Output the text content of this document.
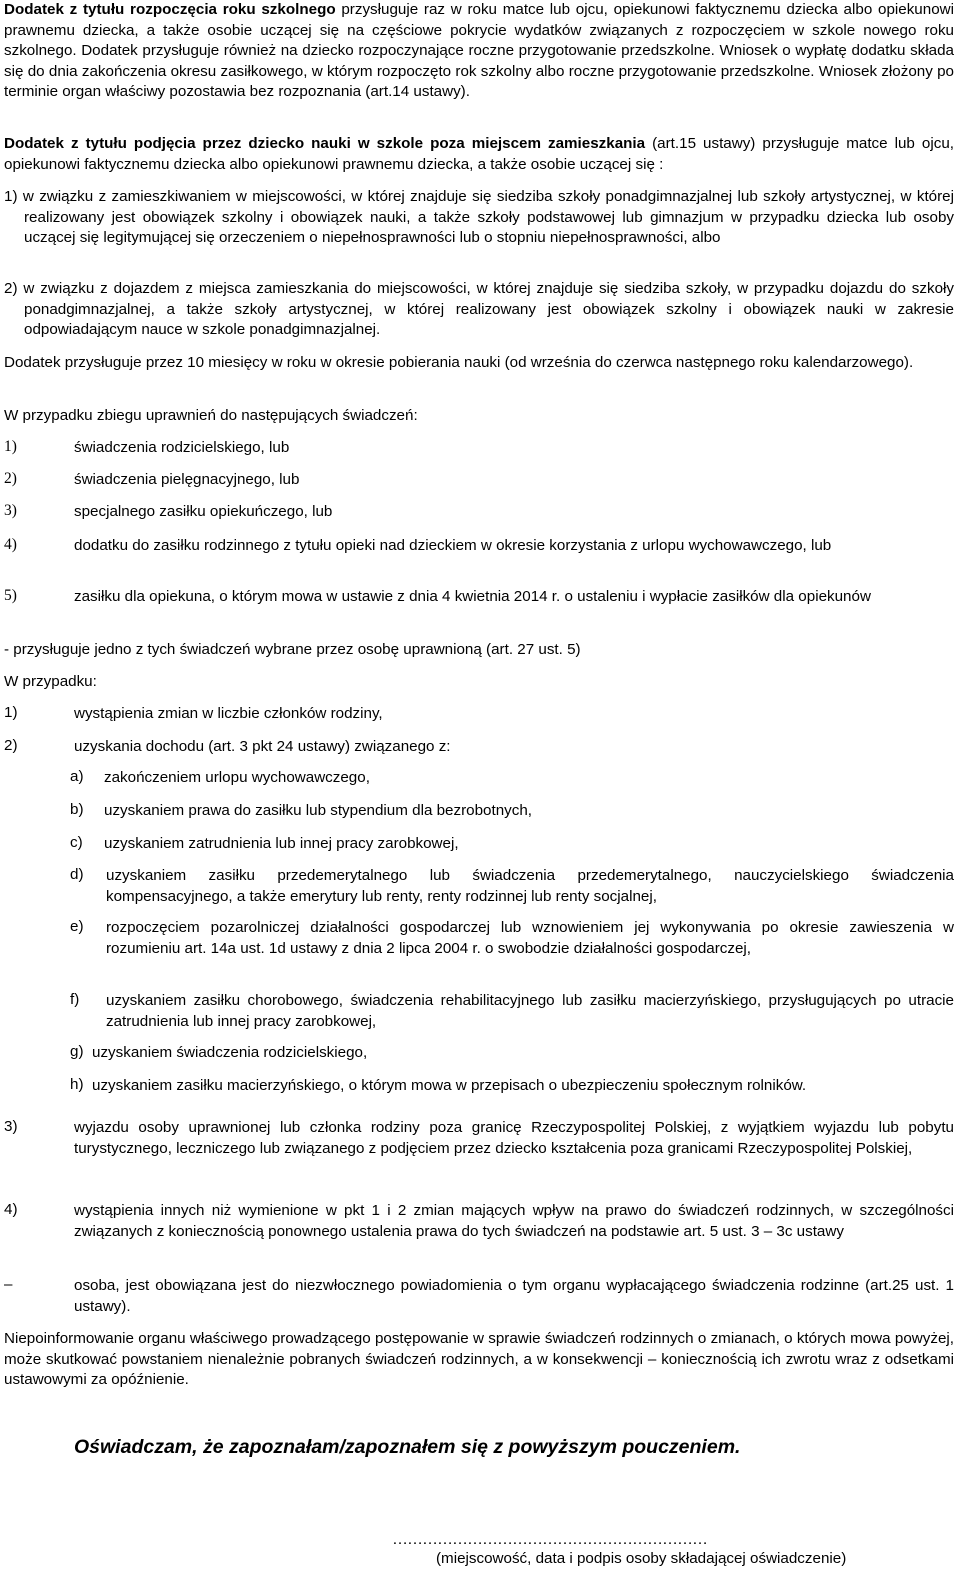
Dodatek z tytułu rozpoczęcia roku szkolnego przysługuje raz w roku matce lub ojcu, opiekunowi faktycznemu dziecka albo opiekunowi prawnemu dziecka, a także osobie uczącej się na częściowe pokrycie wydatków związanych z rozpoczęciem w szkole nowego roku szkolnego. Dodatek przysługuje również na dziecko rozpoczynające roczne przygotowanie przedszkolne. Wniosek o wypłatę dodatku składa się do dnia zakończenia okresu zasiłkowego, w którym rozpoczęto rok szkolny albo roczne przygotowanie przedszkolne. Wniosek złożony po terminie organ właściwy pozostawia bez rozpoznania (art.14 ustawy).

Dodatek z tytułu podjęcia przez dziecko nauki w szkole poza miejscem zamieszkania (art.15 ustawy) przysługuje matce lub ojcu, opiekunowi faktycznemu dziecka albo opiekunowi prawnemu dziecka, a także osobie uczącej się :

1) w związku z zamieszkiwaniem w miejscowości, w której znajduje się siedziba szkoły ponadgimnazjalnej lub szkoły artystycznej, w której realizowany jest obowiązek szkolny i obowiązek nauki, a także szkoły podstawowej lub gimnazjum w przypadku dziecka lub osoby uczącej się legitymującej się orzeczeniem o niepełnosprawności lub o stopniu niepełnosprawności, albo

2) w związku z dojazdem z miejsca zamieszkania do miejscowości, w której znajduje się siedziba szkoły, w przypadku dojazdu do szkoły ponadgimnazjalnej, a także szkoły artystycznej, w której realizowany jest obowiązek szkolny i obowiązek nauki w zakresie odpowiadającym nauce w szkole ponadgimnazjalnej.

Dodatek przysługuje przez 10 miesięcy w roku w okresie pobierania nauki (od września do czerwca następnego roku kalendarzowego).

W przypadku zbiegu uprawnień do następujących świadczeń:

1)	świadczenia rodzicielskiego, lub
2)	świadczenia pielęgnacyjnego, lub
3)	specjalnego zasiłku opiekuńczego, lub
4)	dodatku do zasiłku rodzinnego z tytułu opieki nad dzieckiem w okresie korzystania z urlopu wychowawczego, lub
5)	zasiłku dla opiekuna, o którym mowa w ustawie z dnia 4 kwietnia 2014 r. o ustaleniu i wypłacie zasiłków dla opiekunów

- przysługuje jedno z tych świadczeń wybrane przez osobę uprawnioną (art. 27 ust. 5)

W przypadku:

1)	wystąpienia zmian w liczbie członków rodziny,
2)	uzyskania dochodu (art. 3 pkt 24 ustawy) związanego z:
a) zakończeniem urlopu wychowawczego,
b) uzyskaniem prawa do zasiłku lub stypendium dla bezrobotnych,
c) uzyskaniem zatrudnienia lub innej pracy zarobkowej,
d) uzyskaniem zasiłku przedemerytalnego lub świadczenia przedemerytalnego, nauczycielskiego świadczenia kompensacyjnego, a także emerytury lub renty, renty rodzinnej lub renty socjalnej,
e) rozpoczęciem pozarolniczej działalności gospodarczej lub wznowieniem jej wykonywania po okresie zawieszenia w rozumieniu art. 14a ust. 1d ustawy z dnia 2 lipca 2004 r. o swobodzie działalności gospodarczej,
f) uzyskaniem zasiłku chorobowego, świadczenia rehabilitacyjnego lub zasiłku macierzyńskiego, przysługujących po utracie zatrudnienia lub innej pracy zarobkowej,
g) uzyskaniem świadczenia rodzicielskiego,
h) uzyskaniem zasiłku macierzyńskiego, o którym mowa w przepisach o ubezpieczeniu społecznym rolników.
3)	wyjazdu osoby uprawnionej lub członka rodziny poza granicę Rzeczypospolitej Polskiej, z wyjątkiem wyjazdu lub pobytu turystycznego, leczniczego lub związanego z podjęciem przez dziecko kształcenia poza granicami Rzeczypospolitej Polskiej,
4)	wystąpienia innych niż wymienione w pkt 1 i 2 zmian mających wpływ na prawo do świadczeń rodzinnych, w szczególności związanych z koniecznością ponownego ustalenia prawa do tych świadczeń na podstawie art. 5 ust. 3 – 3c ustawy
–	osoba, jest obowiązana jest do niezwłocznego powiadomienia o tym organu wypłacającego świadczenia rodzinne (art.25 ust. 1 ustawy).

Niepoinformowanie organu właściwego prowadzącego postępowanie w sprawie świadczeń rodzinnych o zmianach, o których mowa powyżej, może skutkować powstaniem nienależnie pobranych świadczeń rodzinnych, a w konsekwencji – koniecznością ich zwrotu wraz z odsetkami ustawowymi za opóźnienie.

Oświadczam, że zapoznałam/zapoznałem się z powyższym pouczeniem.
………………………………………………………
(miejscowość, data i podpis osoby składającej oświadczenie)
